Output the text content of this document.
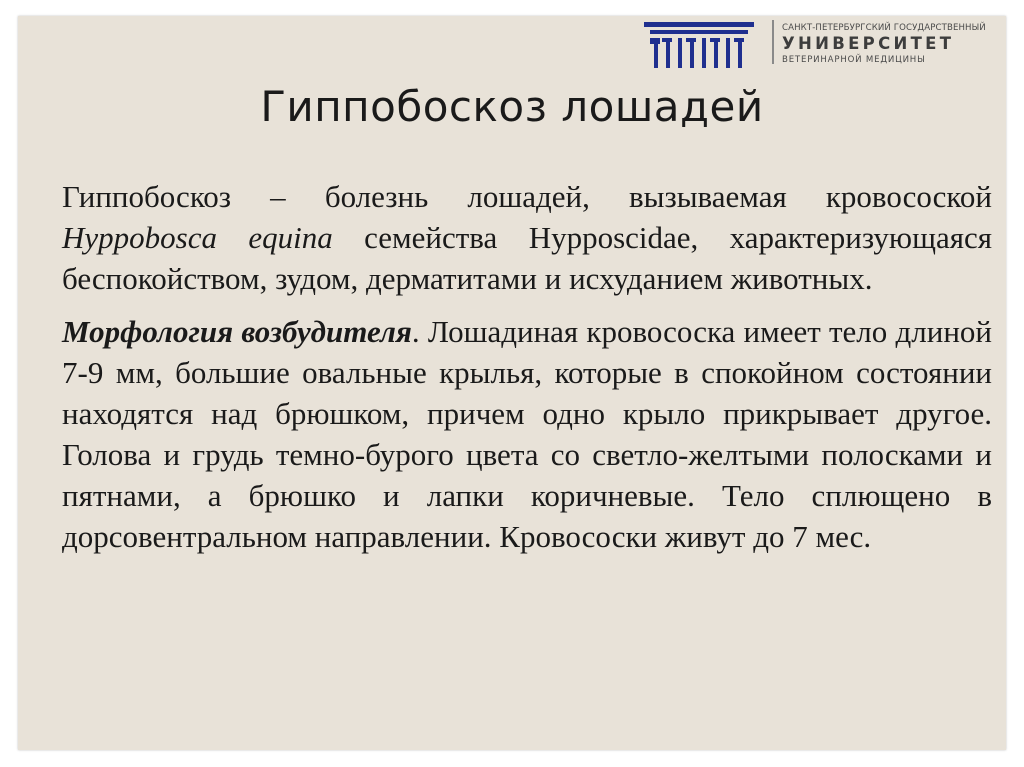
САНКТ-ПЕТЕРБУРГСКИЙ ГОСУДАРСТВЕННЫЙ
УНИВЕРСИТЕТ
ВЕТЕРИНАРНОЙ МЕДИЦИНЫ
Гиппобоскоз лошадей

Гиппобоскоз – болезнь лошадей, вызываемая кровосоской Hyppobosca equina семейства Hypposcidae, характеризующаяся беспокойством, зудом, дерматитами и исхуданием животных.

Морфология возбудителя. Лошадиная кровососка имеет тело длиной 7-9 мм, большие овальные крылья, которые в спокойном состоянии находятся над брюшком, причем одно крыло прикрывает другое. Голова и грудь темно-бурого цвета со светло-желтыми полосками и пятнами, а брюшко и лапки коричневые. Тело сплющено в дорсовентральном направлении. Кровососки живут до 7 мес.
